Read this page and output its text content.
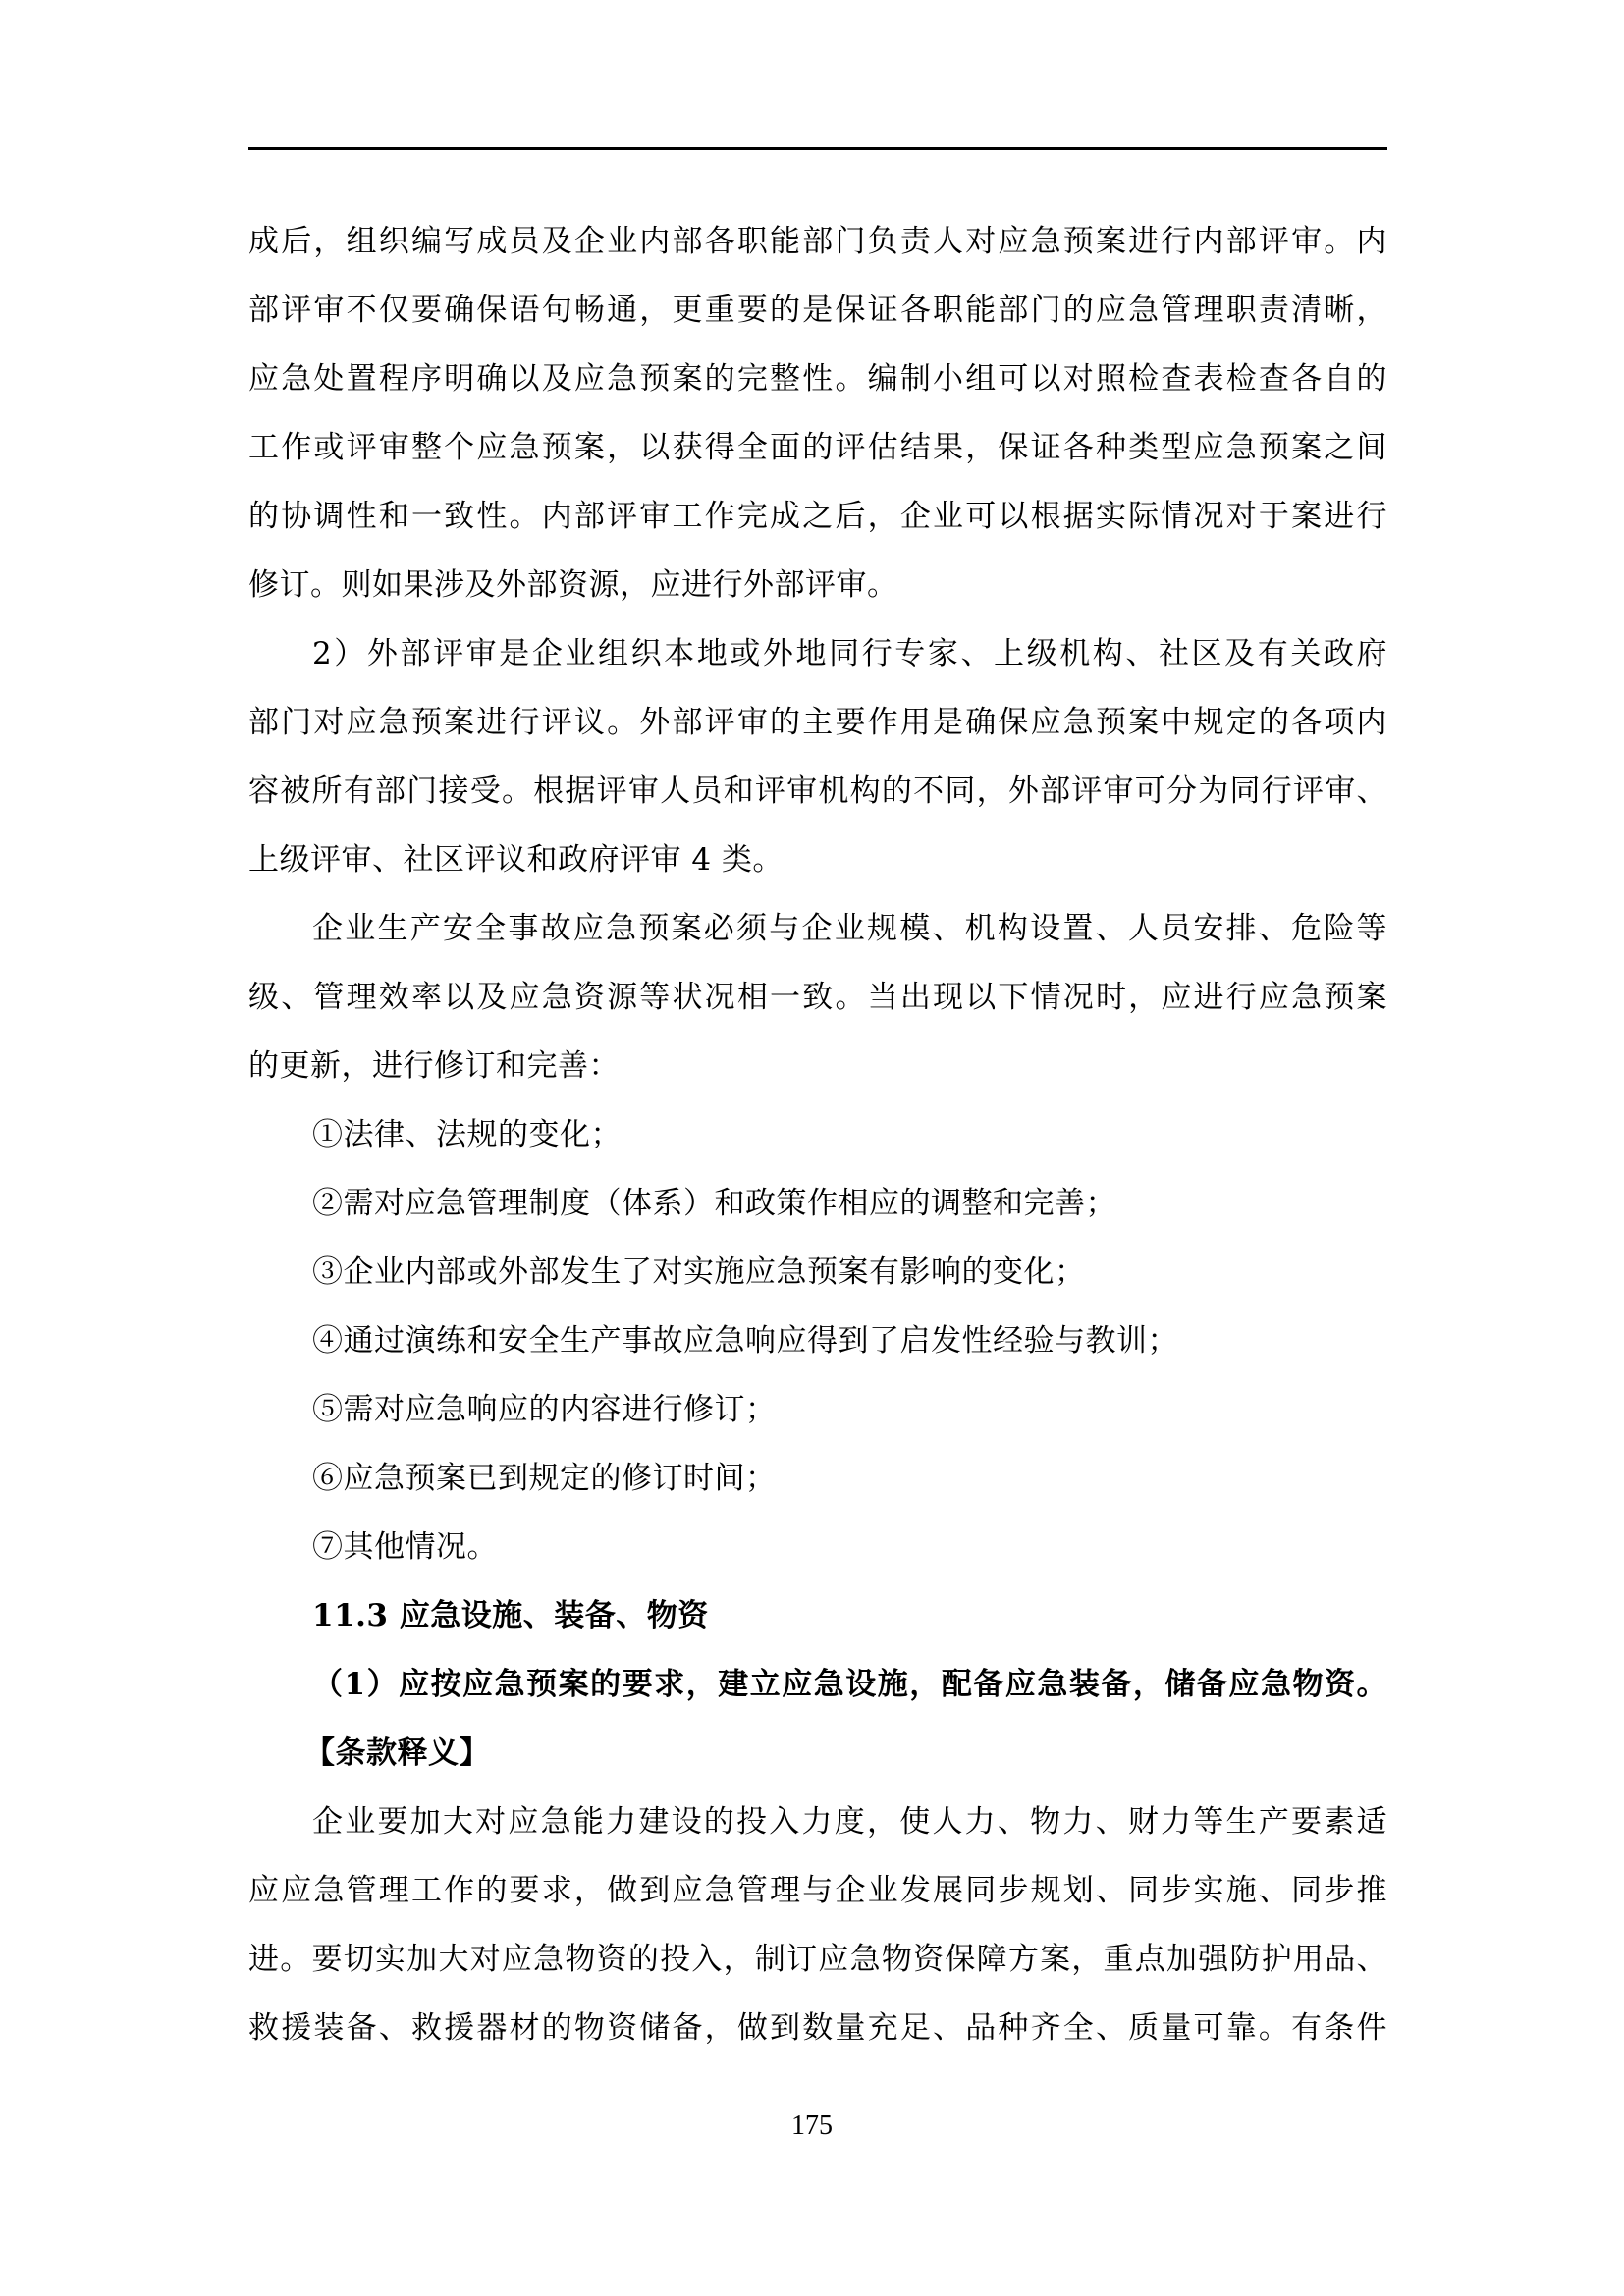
成后，组织编写成员及企业内部各职能部门负责人对应急预案进行内部评审。内
部评审不仅要确保语句畅通，更重要的是保证各职能部门的应急管理职责清晰，
应急处置程序明确以及应急预案的完整性。编制小组可以对照检查表检查各自的
工作或评审整个应急预案，以获得全面的评估结果，保证各种类型应急预案之间
的协调性和一致性。内部评审工作完成之后，企业可以根据实际情况对于案进行
修订。则如果涉及外部资源，应进行外部评审。
2）外部评审是企业组织本地或外地同行专家、上级机构、社区及有关政府
部门对应急预案进行评议。外部评审的主要作用是确保应急预案中规定的各项内
容被所有部门接受。根据评审人员和评审机构的不同，外部评审可分为同行评审、
上级评审、社区评议和政府评审 4 类。
企业生产安全事故应急预案必须与企业规模、机构设置、人员安排、危险等
级、管理效率以及应急资源等状况相一致。当出现以下情况时，应进行应急预案
的更新，进行修订和完善：
①法律、法规的变化；
②需对应急管理制度（体系）和政策作相应的调整和完善；
③企业内部或外部发生了对实施应急预案有影响的变化；
④通过演练和安全生产事故应急响应得到了启发性经验与教训；
⑤需对应急响应的内容进行修订；
⑥应急预案已到规定的修订时间；
⑦其他情况。
11.3 应急设施、装备、物资
（1）应按应急预案的要求，建立应急设施，配备应急装备，储备应急物资。
【条款释义】
企业要加大对应急能力建设的投入力度，使人力、物力、财力等生产要素适
应应急管理工作的要求，做到应急管理与企业发展同步规划、同步实施、同步推
进。要切实加大对应急物资的投入，制订应急物资保障方案，重点加强防护用品、
救援装备、救援器材的物资储备，做到数量充足、品种齐全、质量可靠。有条件
175
